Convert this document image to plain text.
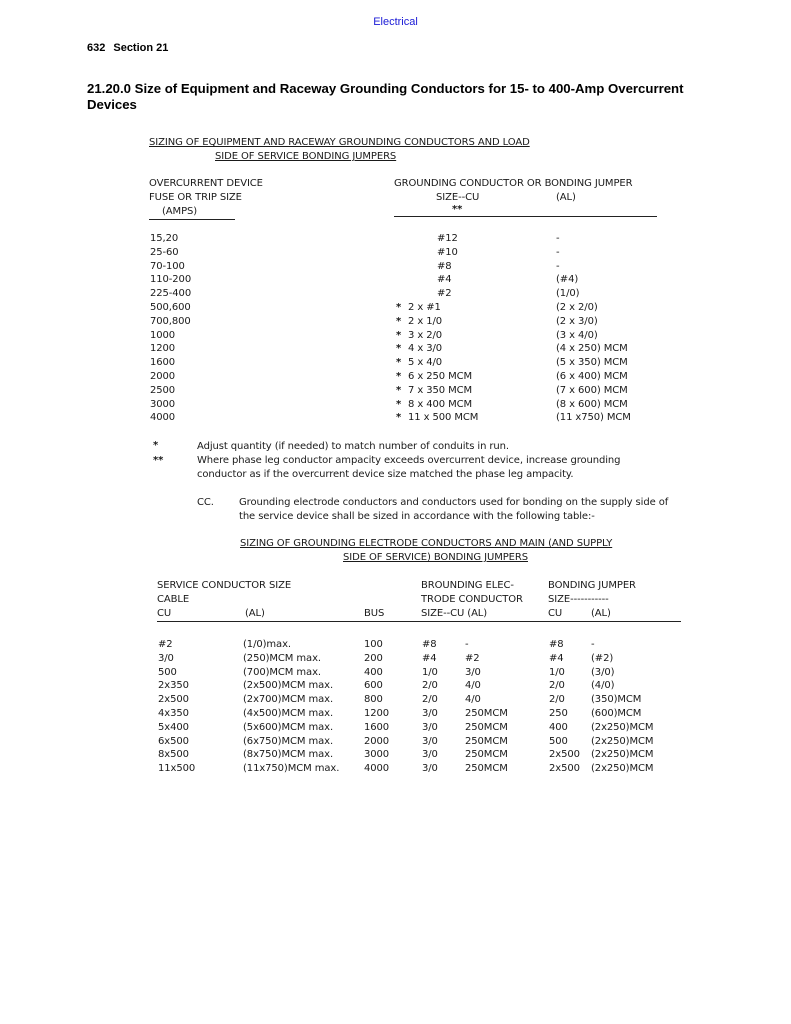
Electrical
632 Section 21
21.20.0 Size of Equipment and Raceway Grounding Conductors for 15- to 400-Amp Overcurrent Devices
SIZING OF EQUIPMENT AND RACEWAY GROUNDING CONDUCTORS AND LOAD
SIDE OF SERVICE BONDING JUMPERS
OVERCURRENT DEVICE
FUSE OR TRIP SIZE
(AMPS)
GROUNDING CONDUCTOR OR BONDING JUMPER
SIZE--CU	(AL)
**
15,20	#12	-
25-60	#10	-
70-100	#8	-
110-200	#4	(#4)
225-400	#2	(1/0)
500,600	* 2 x #1	(2 x 2/0)
700,800	* 2 x 1/0	(2 x 3/0)
1000	* 3 x 2/0	(3 x 4/0)
1200	* 4 x 3/0	(4 x 250) MCM
1600	* 5 x 4/0	(5 x 350) MCM
2000	* 6 x 250 MCM	(6 x 400) MCM
2500	* 7 x 350 MCM	(7 x 600) MCM
3000	* 8 x 400 MCM	(8 x 600) MCM
4000	* 11 x 500 MCM	(11 x750) MCM
*	Adjust quantity (if needed) to match number of conduits in run.
**	Where phase leg conductor ampacity exceeds overcurrent device, increase grounding
conductor as if the overcurrent device size matched the phase leg ampacity.
CC.	Grounding electrode conductors and conductors used for bonding on the supply side of
the service device shall be sized in accordance with the following table:-
SIZING OF GROUNDING ELECTRODE CONDUCTORS AND MAIN (AND SUPPLY
SIDE OF SERVICE) BONDING JUMPERS
SERVICE CONDUCTOR SIZE
CABLE
CU	(AL)	BUS
BROUNDING ELEC-
TRODE CONDUCTOR
SIZE--CU (AL)
BONDING JUMPER
SIZE-----------
CU	(AL)
#2	(1/0)max.	100	#8	-	#8	-
3/0	(250)MCM max.	200	#4	#2	#4	(#2)
500	(700)MCM max.	400	1/0	3/0	1/0	(3/0)
2x350	(2x500)MCM max.	600	2/0	4/0	2/0	(4/0)
2x500	(2x700)MCM max.	800	2/0	4/0	2/0	(350)MCM
4x350	(4x500)MCM max.	1200	3/0	250MCM	250 (600)MCM
5x400	(5x600)MCM max.	1600	3/0	250MCM	400 (2x250)MCM
6x500	(6x750)MCM max.	2000	3/0	250MCM	500 (2x250)MCM
8x500	(8x750)MCM max.	3000	3/0	250MCM	2x500 (2x250)MCM
11x500	(11x750)MCM max. 4000	3/0	250MCM	2x500 (2x250)MCM
